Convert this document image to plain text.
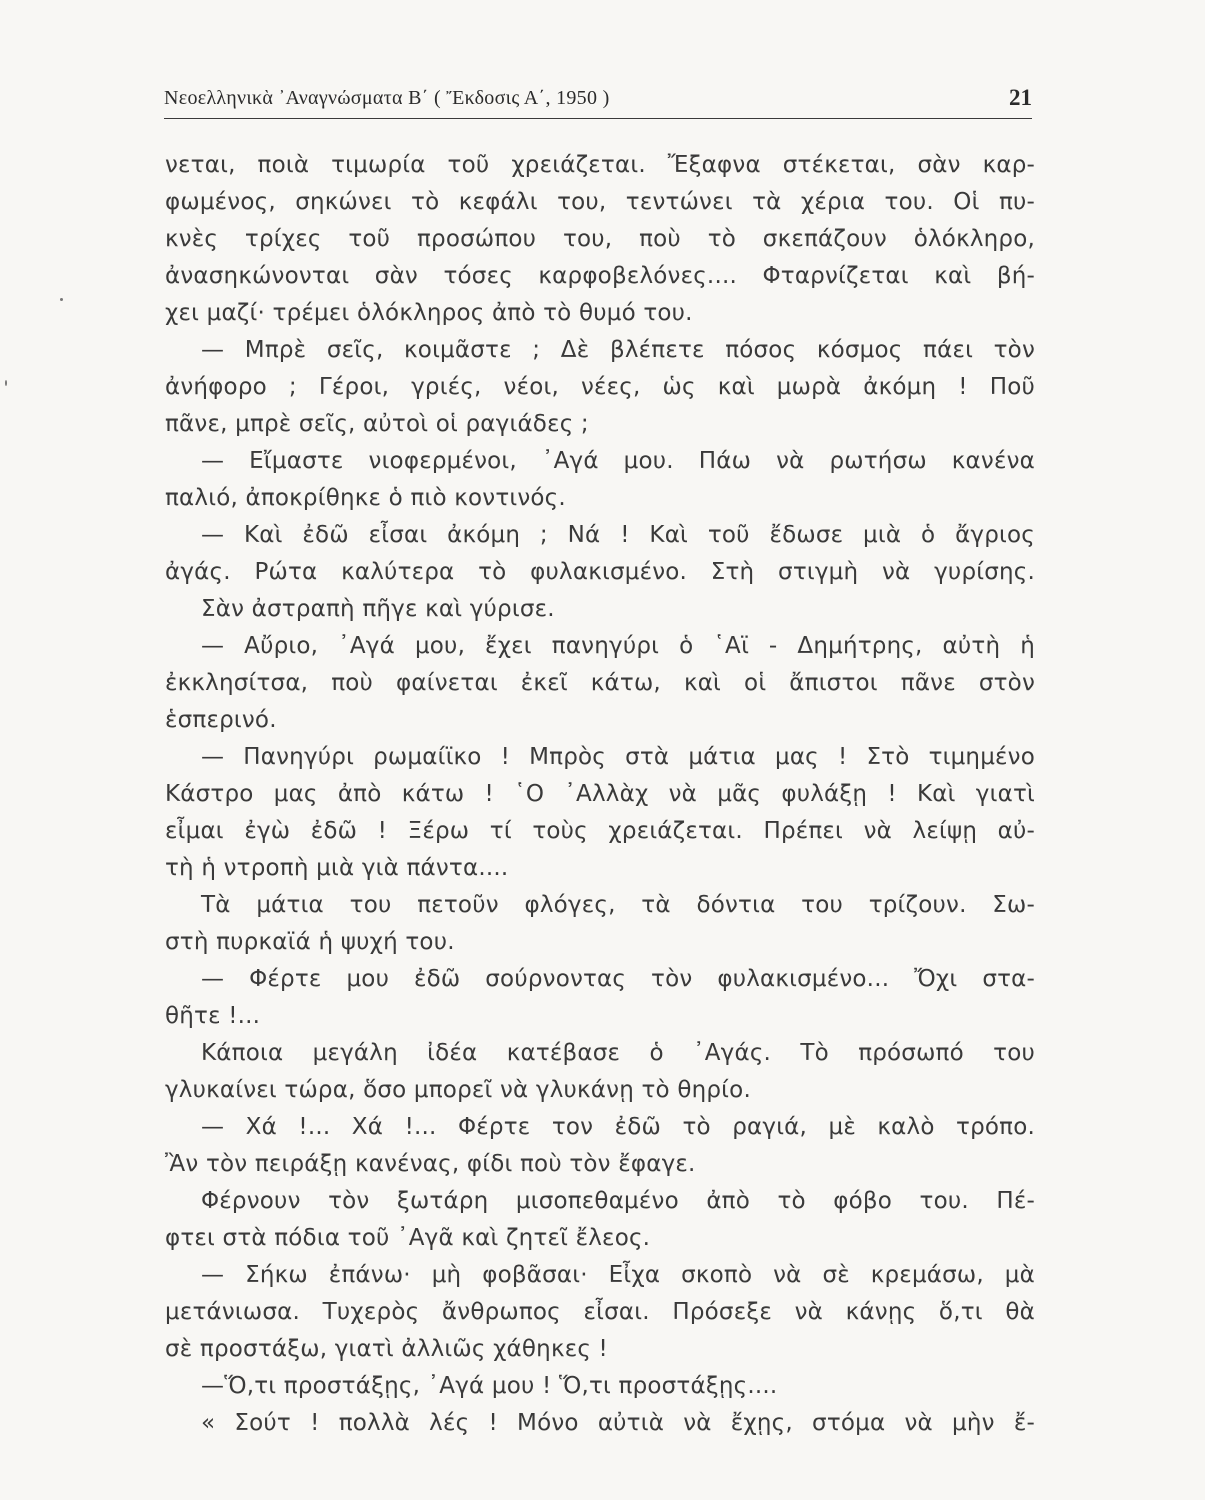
Νεοελληνικὰ ᾽Αναγνώσματα Β΄ ( Ἔκδοσις Α΄, 1950 )	21
νεται, ποιὰ τιμωρία τοῦ χρειάζεται. Ἔξαφνα στέκεται, σὰν καρ-
φωμένος, σηκώνει τὸ κεφάλι του, τεντώνει τὰ χέρια του. Οἱ πυ-
κνὲς τρίχες τοῦ προσώπου του, ποὺ τὸ σκεπάζουν ὁλόκληρο,
ἀνασηκώνονται σὰν τόσες καρφοβελόνες.... Φταρνίζεται καὶ βή-
χει μαζί· τρέμει ὁλόκληρος ἀπὸ τὸ θυμό του.
— Μπρὲ σεῖς, κοιμᾶστε ; Δὲ βλέπετε πόσος κόσμος πάει τὸν
ἀνήφορο ; Γέροι, γριές, νέοι, νέες, ὡς καὶ μωρὰ ἀκόμη ! Ποῦ
πᾶνε, μπρὲ σεῖς, αὐτοὶ οἱ ραγιάδες ;
— Εἴμαστε νιοφερμένοι, ᾽Αγά μου. Πάω νὰ ρωτήσω κανένα
παλιό, ἀποκρίθηκε ὁ πιὸ κοντινός.
— Καὶ ἐδῶ εἶσαι ἀκόμη ; Νά ! Καὶ τοῦ ἔδωσε μιὰ ὁ ἄγριος
ἀγάς. Ρώτα καλύτερα τὸ φυλακισμένο. Στὴ στιγμὴ νὰ γυρίσης.
Σὰν ἀστραπὴ πῆγε καὶ γύρισε.
— Αὔριο, ᾽Αγά μου, ἔχει πανηγύρι ὁ ῾Αϊ - Δημήτρης, αὐτὴ ἡ
ἐκκλησίτσα, ποὺ φαίνεται ἐκεῖ κάτω, καὶ οἱ ἄπιστοι πᾶνε στὸν
ἑσπερινό.
— Πανηγύρι ρωμαίϊκο ! Μπρὸς στὰ μάτια μας ! Στὸ τιμημένο
Κάστρο μας ἀπὸ κάτω ! ῾Ο ᾽Αλλὰχ νὰ μᾶς φυλάξῃ ! Καὶ γιατὶ
εἶμαι ἐγὼ ἐδῶ ! Ξέρω τί τοὺς χρειάζεται. Πρέπει νὰ λείψῃ αὐ-
τὴ ἡ ντροπὴ μιὰ γιὰ πάντα....
Τὰ μάτια του πετοῦν φλόγες, τὰ δόντια του τρίζουν. Σω-
στὴ πυρκαϊά ἡ ψυχή του.
— Φέρτε μου ἐδῶ σούρνοντας τὸν φυλακισμένο... Ὄχι στα-
θῆτε !...
Κάποια μεγάλη ἰδέα κατέβασε ὁ ᾽Αγάς. Τὸ πρόσωπό του
γλυκαίνει τώρα, ὅσο μπορεῖ νὰ γλυκάνῃ τὸ θηρίο.
— Χά !... Χά !... Φέρτε τον ἐδῶ τὸ ραγιά, μὲ καλὸ τρόπο.
Ἂν τὸν πειράξῃ κανένας, φίδι ποὺ τὸν ἔφαγε.
Φέρνουν τὸν ξωτάρη μισοπεθαμένο ἀπὸ τὸ φόβο του. Πέ-
φτει στὰ πόδια τοῦ ᾽Αγᾶ καὶ ζητεῖ ἔλεος.
— Σήκω ἐπάνω· μὴ φοβᾶσαι· Εἶχα σκοπὸ νὰ σὲ κρεμάσω, μὰ
μετάνιωσα. Τυχερὸς ἄνθρωπος εἶσαι. Πρόσεξε νὰ κάνῃς ὅ,τι θὰ
σὲ προστάξω, γιατὶ ἀλλιῶς χάθηκες !
—Ὅ,τι προστάξῃς, ᾽Αγά μου ! Ὅ,τι προστάξῃς....
« Σούτ ! πολλὰ λές ! Μόνο αὐτιὰ νὰ ἔχῃς, στόμα νὰ μὴν ἔ-
